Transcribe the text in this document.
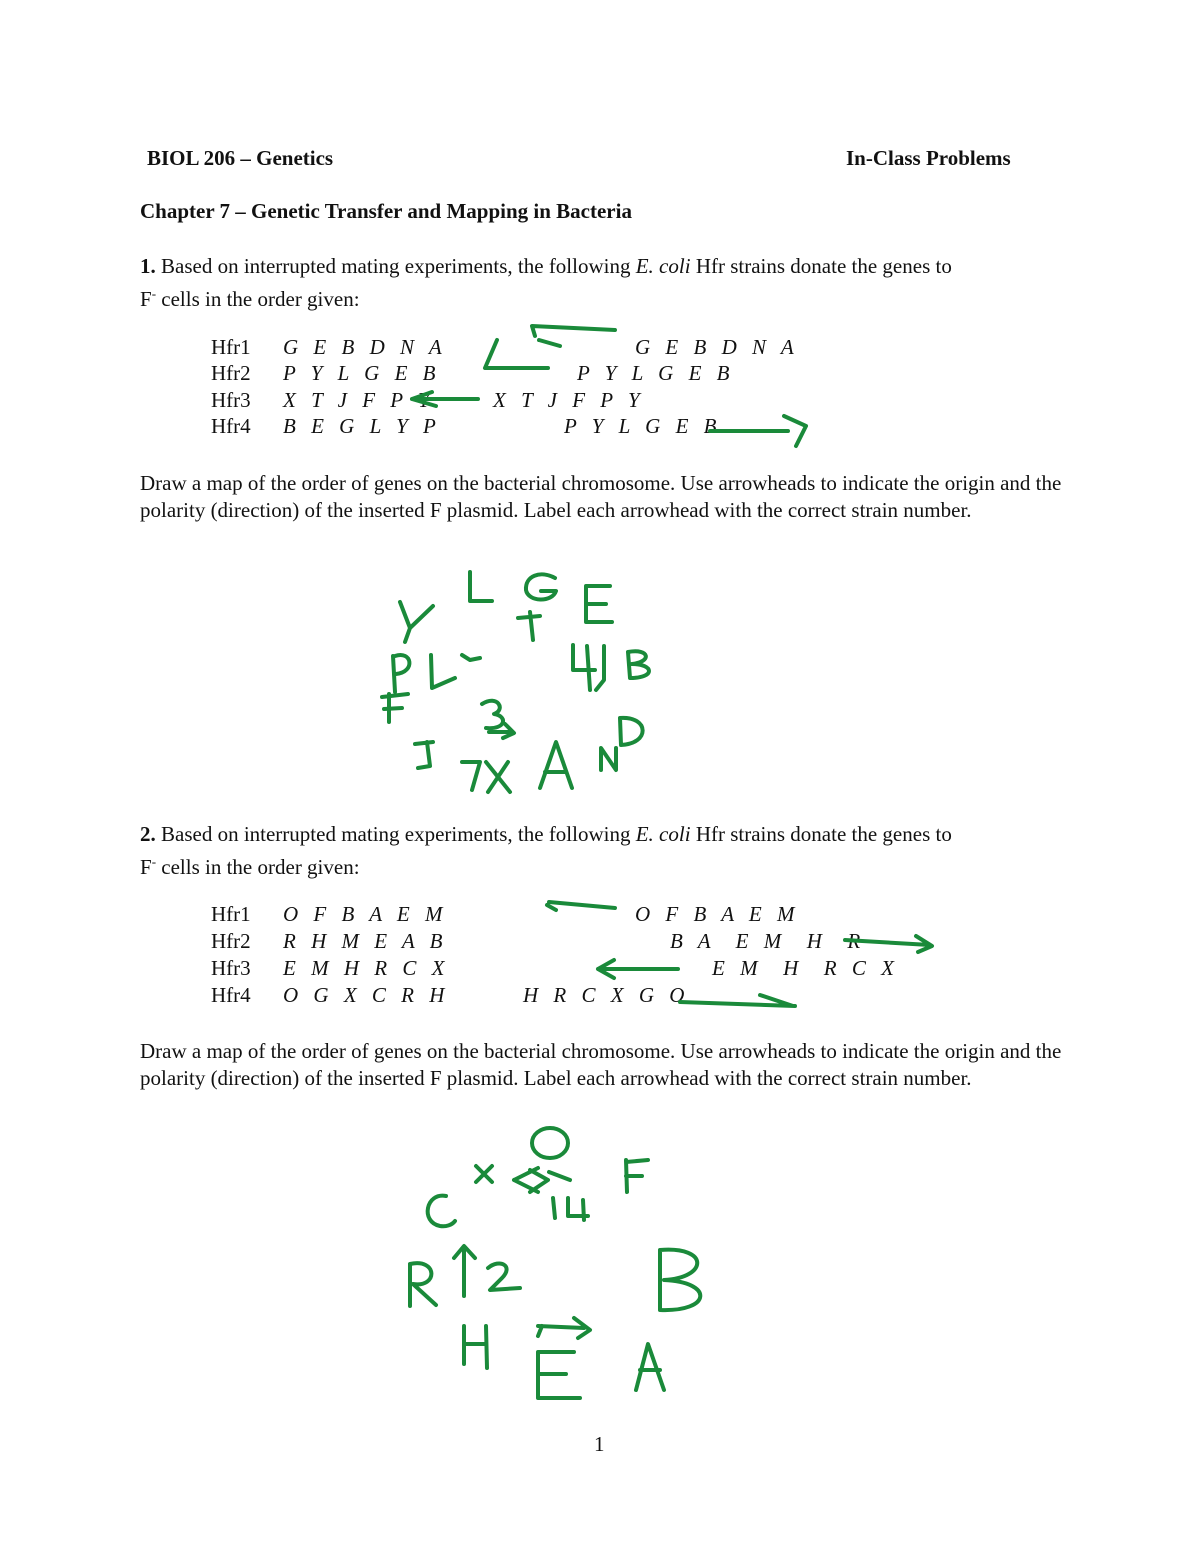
BIOL 206 – Genetics	In-Class Problems
Chapter 7 – Genetic Transfer and Mapping in Bacteria
1. Based on interrupted mating experiments, the following E. coli Hfr strains donate the genes to
F- cells in the order given:
Hfr1 G E B D N A
Hfr2 P Y L G E B
Hfr3 X T J F P Y
Hfr4 B E G L Y P
G E B D N A
P Y L G E B
X T J F P Y
P Y L G E B
Draw a map of the order of genes on the bacterial chromosome. Use arrowheads to indicate the origin and the polarity (direction) of the inserted F plasmid. Label each arrowhead with the correct strain number.
2. Based on interrupted mating experiments, the following E. coli Hfr strains donate the genes to
F- cells in the order given:
Hfr1 O F B A E M
Hfr2 R H M E A B
Hfr3 E M H R C X
Hfr4 O G X C R H
O F B A E M
B A  E M  H  R
E M  H  R C X
H R C X G O
Draw a map of the order of genes on the bacterial chromosome. Use arrowheads to indicate the origin and the polarity (direction) of the inserted F plasmid. Label each arrowhead with the correct strain number.
1
